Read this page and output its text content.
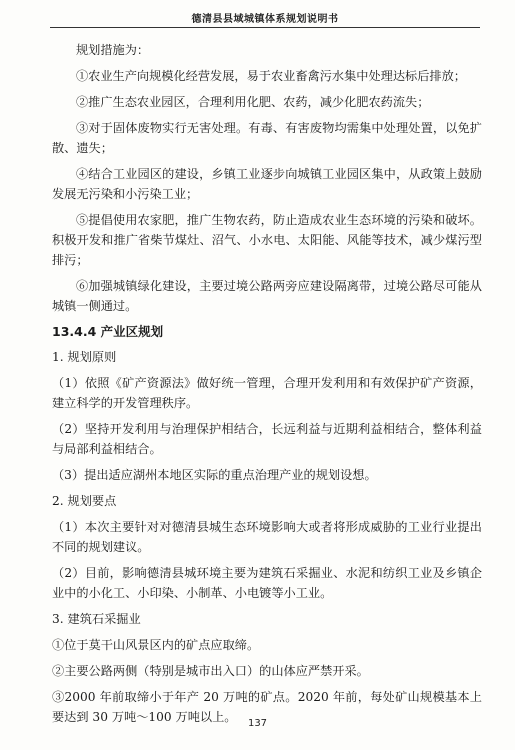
德清县县域城镇体系规划说明书

规划措施为：

①农业生产向规模化经营发展，易于农业畜禽污水集中处理达标后排放；

②推广生态农业园区，合理利用化肥、农药，减少化肥农药流失；

③对于固体废物实行无害处理。有毒、有害废物均需集中处理处置，以免扩散、遗失；

④结合工业园区的建设，乡镇工业逐步向城镇工业园区集中，从政策上鼓励发展无污染和小污染工业；

⑤提倡使用农家肥，推广生物农药，防止造成农业生态环境的污染和破坏。积极开发和推广省柴节煤灶、沼气、小水电、太阳能、风能等技术，减少煤污型排污；

⑥加强城镇绿化建设，主要过境公路两旁应建设隔离带，过境公路尽可能从城镇一侧通过。

13.4.4 产业区规划

1. 规划原则

（1）依照《矿产资源法》做好统一管理，合理开发利用和有效保护矿产资源，建立科学的开发管理秩序。

（2）坚持开发利用与治理保护相结合，长远利益与近期利益相结合，整体利益与局部利益相结合。

（3）提出适应湖州本地区实际的重点治理产业的规划设想。

2. 规划要点

（1）本次主要针对对德清县城生态环境影响大或者将形成威胁的工业行业提出不同的规划建议。

（2）目前，影响德清县城环境主要为建筑石采掘业、水泥和纺织工业及乡镇企业中的小化工、小印染、小制革、小电镀等小工业。

3. 建筑石采掘业

①位于莫干山风景区内的矿点应取缔。

②主要公路两侧（特别是城市出入口）的山体应严禁开采。

③2000 年前取缔小于年产 20 万吨的矿点。2020 年前，每处矿山规模基本上要达到 30 万吨～100 万吨以上。	137
